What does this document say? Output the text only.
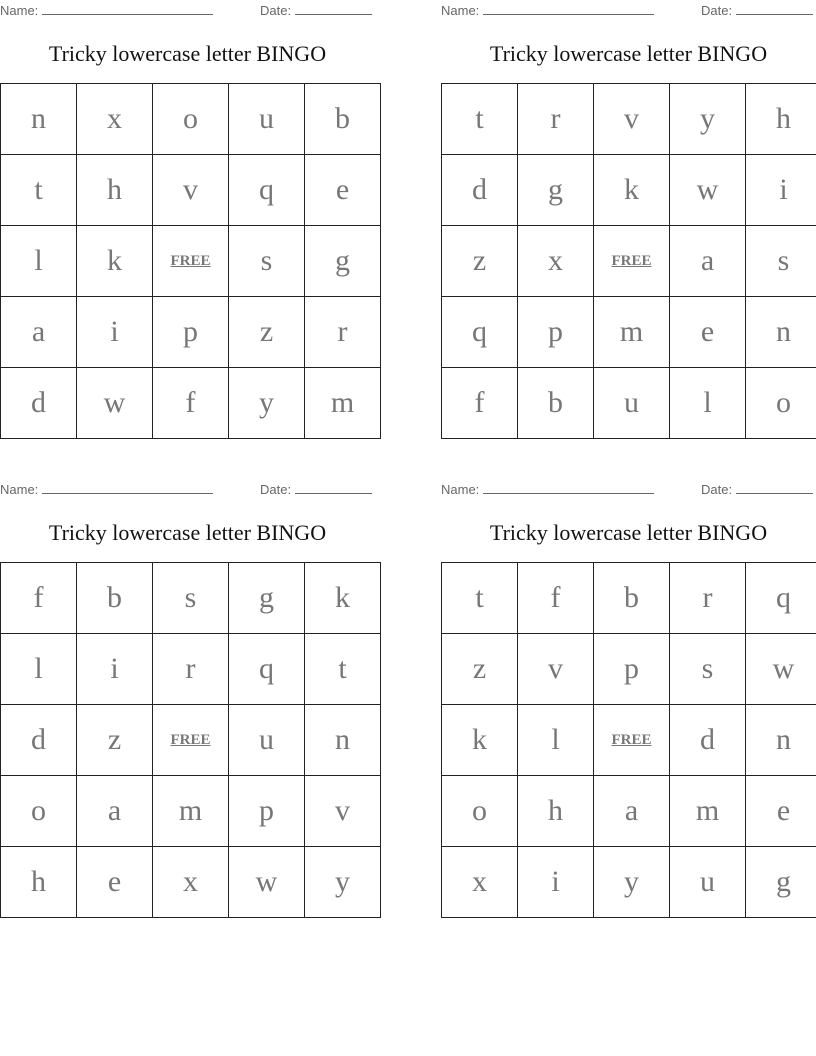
Name:	Date:
Tricky lowercase letter BINGO
n	x	o	u	b
t	h	v	q	e
l	k	FREE	s	g
a	i	p	z	r
d	w	f	y	m
Name:	Date:
Tricky lowercase letter BINGO
t	r	v	y	h
d	g	k	w	i
z	x	FREE	a	s
q	p	m	e	n
f	b	u	l	o
Name:	Date:
Tricky lowercase letter BINGO
f	b	s	g	k
l	i	r	q	t
d	z	FREE	u	n
o	a	m	p	v
h	e	x	w	y
Name:	Date:
Tricky lowercase letter BINGO
t	f	b	r	q
z	v	p	s	w
k	l	FREE	d	n
o	h	a	m	e
x	i	y	u	g
